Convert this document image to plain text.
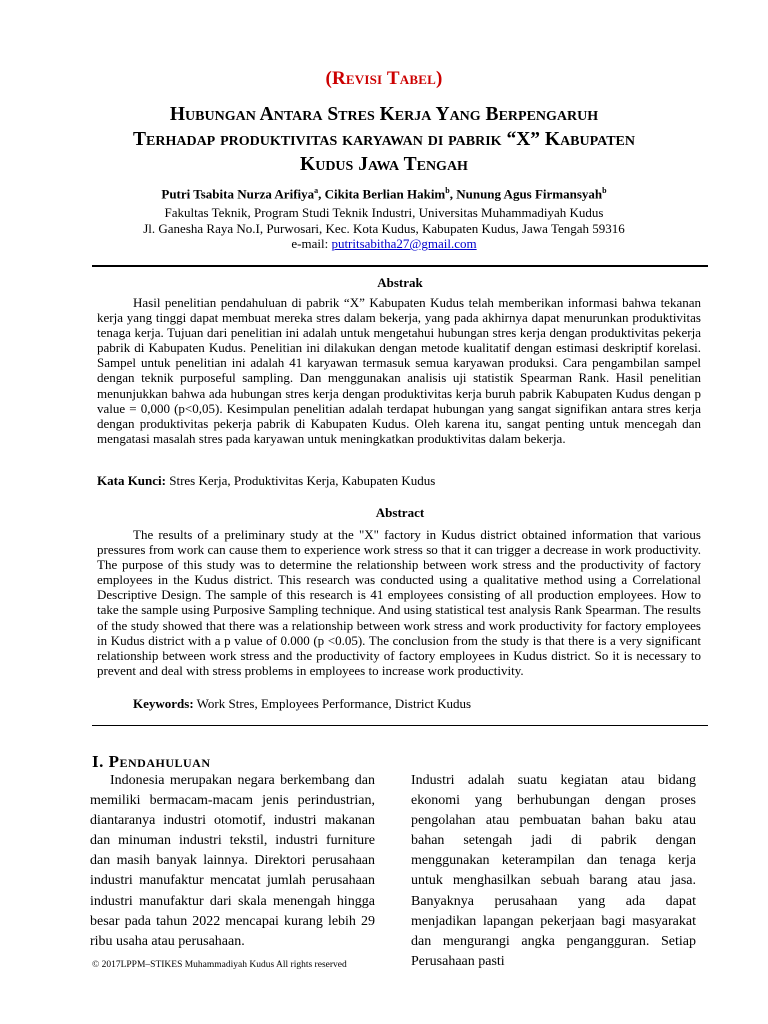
(Revisi Tabel)
Hubungan Antara Stres Kerja Yang Berpengaruh
Terhadap produktivitas karyawan di pabrik “X” Kabupaten
Kudus Jawa Tengah
Putri Tsabita Nurza Arifiya$^a$, Cikita Berlian Hakim$^b$, Nunung Agus Firmansyah$^b$
Fakultas Teknik, Program Studi Teknik Industri, Universitas Muhammadiyah Kudus
Jl. Ganesha Raya No.I, Purwosari, Kec. Kota Kudus, Kabupaten Kudus, Jawa Tengah 59316
e-mail: putritsabitha27@gmail.com
Abstrak
Hasil penelitian pendahuluan di pabrik “X” Kabupaten Kudus telah memberikan informasi bahwa tekanan kerja yang tinggi dapat membuat mereka stres dalam bekerja, yang pada akhirnya dapat menurunkan produktivitas tenaga kerja. Tujuan dari penelitian ini adalah untuk mengetahui hubungan stres kerja dengan produktivitas pekerja pabrik di Kabupaten Kudus. Penelitian ini dilakukan dengan metode kualitatif dengan estimasi deskriptif korelasi. Sampel untuk penelitian ini adalah 41 karyawan termasuk semua karyawan produksi. Cara pengambilan sampel dengan teknik purposeful sampling. Dan menggunakan analisis uji statistik Spearman Rank. Hasil penelitian menunjukkan bahwa ada hubungan stres kerja dengan produktivitas kerja buruh pabrik Kabupaten Kudus dengan p value = 0,000 (p<0,05). Kesimpulan penelitian adalah terdapat hubungan yang sangat signifikan antara stres kerja dengan produktivitas pekerja pabrik di Kabupaten Kudus. Oleh karena itu, sangat penting untuk mencegah dan mengatasi masalah stres pada karyawan untuk meningkatkan produktivitas dalam bekerja.
Kata Kunci: Stres Kerja, Produktivitas Kerja, Kabupaten Kudus
Abstract
The results of a preliminary study at the "X" factory in Kudus district obtained information that various pressures from work can cause them to experience work stress so that it can trigger a decrease in work productivity. The purpose of this study was to determine the relationship between work stress and the productivity of factory employees in the Kudus district. This research was conducted using a qualitative method using a Correlational Descriptive Design. The sample of this research is 41 employees consisting of all production employees. How to take the sample using Purposive Sampling technique. And using statistical test analysis Rank Spearman. The results of the study showed that there was a relationship between work stress and work productivity for factory employees in Kudus district with a p value of 0.000 (p <0.05). The conclusion from the study is that there is a very significant relationship between work stress and the productivity of factory employees in Kudus district. So it is necessary to prevent and deal with stress problems in employees to increase work productivity.
Keywords: Work Stres, Employees Performance, District Kudus
I. Pendahuluan
Indonesia merupakan negara berkembang dan memiliki bermacam-macam jenis perindustrian, diantaranya industri otomotif, industri makanan dan minuman industri tekstil, industri furniture dan masih banyak lainnya. Direktori perusahaan industri manufaktur mencatat jumlah perusahaan industri manufaktur dari skala menengah hingga besar pada tahun 2022 mencapai kurang lebih 29 ribu usaha atau perusahaan.
Industri adalah suatu kegiatan atau bidang ekonomi yang berhubungan dengan proses pengolahan atau pembuatan bahan baku atau bahan setengah jadi di pabrik dengan menggunakan keterampilan dan tenaga kerja untuk menghasilkan sebuah barang atau jasa. Banyaknya perusahaan yang ada dapat menjadikan lapangan pekerjaan bagi masyarakat dan mengurangi angka pengangguran. Setiap Perusahaan pasti
© 2017LPPM–STIKES Muhammadiyah Kudus All rights reserved
